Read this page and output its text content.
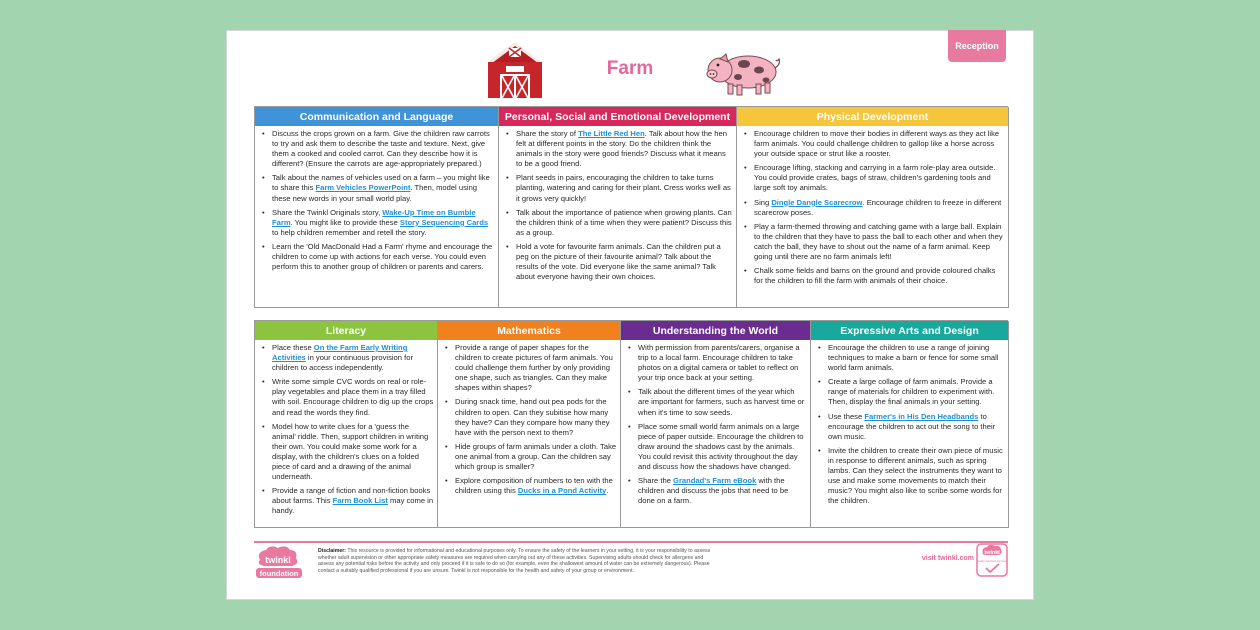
Reception
Farm
Communication and Language
• Discuss the crops grown on a farm. Give the children raw carrots to try and ask them to describe the taste and texture. Next, give them a cooked and cooled carrot. Can they describe how it is different? (Ensure the carrots are age-appropriately prepared.)
• Talk about the names of vehicles used on a farm – you might like to share this Farm Vehicles PowerPoint. Then, model using these new words in your small world play.
• Share the Twinkl Originals story, Wake-Up Time on Bumble Farm. You might like to provide these Story Sequencing Cards to help children remember and retell the story.
• Learn the 'Old MacDonald Had a Farm' rhyme and encourage the children to come up with actions for each verse. You could even perform this to another group of children or parents and carers.
Personal, Social and Emotional Development
• Share the story of The Little Red Hen. Talk about how the hen felt at different points in the story. Do the children think the animals in the story were good friends? Discuss what it means to be a good friend.
• Plant seeds in pairs, encouraging the children to take turns planting, watering and caring for their plant. Cress works well as it grows very quickly!
• Talk about the importance of patience when growing plants. Can the children think of a time when they were patient? Discuss this as a group.
• Hold a vote for favourite farm animals. Can the children put a peg on the picture of their favourite animal? Talk about the results of the vote. Did everyone like the same animal? Talk about everyone having their own choices.
Physical Development
• Encourage children to move their bodies in different ways as they act like farm animals. You could challenge children to gallop like a horse across your outside space or strut like a rooster.
• Encourage lifting, stacking and carrying in a farm role-play area outside. You could provide crates, bags of straw, children's gardening tools and large soft toy animals.
• Sing Dingle Dangle Scarecrow. Encourage children to freeze in different scarecrow poses.
• Play a farm-themed throwing and catching game with a large ball. Explain to the children that they have to pass the ball to each other and when they catch the ball, they have to shout out the name of a farm animal. Keep going until there are no farm animals left!
• Chalk some fields and barns on the ground and provide coloured chalks for the children to fill the farm with animals of their choice.
Literacy
• Place these On the Farm Early Writing Activities in your continuous provision for children to access independently.
• Write some simple CVC words on real or role-play vegetables and place them in a tray filled with soil. Encourage children to dig up the crops and read the words they find.
• Model how to write clues for a 'guess the animal' riddle. Then, support children in writing their own. You could make some work for a display, with the children's clues on a folded piece of card and a drawing of the animal underneath.
• Provide a range of fiction and non-fiction books about farms. This Farm Book List may come in handy.
Mathematics
• Provide a range of paper shapes for the children to create pictures of farm animals. You could challenge them further by only providing one shape, such as triangles. Can they make shapes within shapes?
• During snack time, hand out pea pods for the children to open. Can they subitise how many they have? Can they compare how many they have with the person next to them?
• Hide groups of farm animals under a cloth. Take one animal from a group. Can the children say which group is smaller?
• Explore composition of numbers to ten with the children using this Ducks in a Pond Activity.
Understanding the World
• With permission from parents/carers, organise a trip to a local farm. Encourage children to take photos on a digital camera or tablet to reflect on your trip once back at your setting.
• Talk about the different times of the year which are important for farmers, such as harvest time or when it's time to sow seeds.
• Place some small world farm animals on a large piece of paper outside. Encourage the children to draw around the shadows cast by the animals. You could revisit this activity throughout the day and discuss how the shadows have changed.
• Share the Grandad's Farm eBook with the children and discuss the jobs that need to be done on a farm.
Expressive Arts and Design
• Encourage the children to use a range of joining techniques to make a barn or fence for some small world farm animals.
• Create a large collage of farm animals. Provide a range of materials for children to experiment with. Then, display the final animals in your setting.
• Use these Farmer's in His Den Headbands to encourage the children to act out the song to their own music.
• Invite the children to create their own piece of music in response to different animals, such as spring lambs. Can they select the instruments they want to use and make some movements to match their music? You might also like to scribe some words for the children.
twinkl
foundation
Disclaimer: This resource is provided for informational and educational purposes only. To ensure the safety of the learners in your setting, it is your responsibility to assess whether adult supervision or other appropriate safety measures are required when carrying out any of these activities. Supervising adults should check for allergens and assess any potential risks before the activity and only proceed if it is safe to do so (for example, even the shallowest amount of water can be extremely dangerous). Please contact a suitably qualified professional if you are unsure. Twinkl is not responsible for the health and safety of your group or environment.
visit twinkl.com
twinkl
Quality Standard Approved
